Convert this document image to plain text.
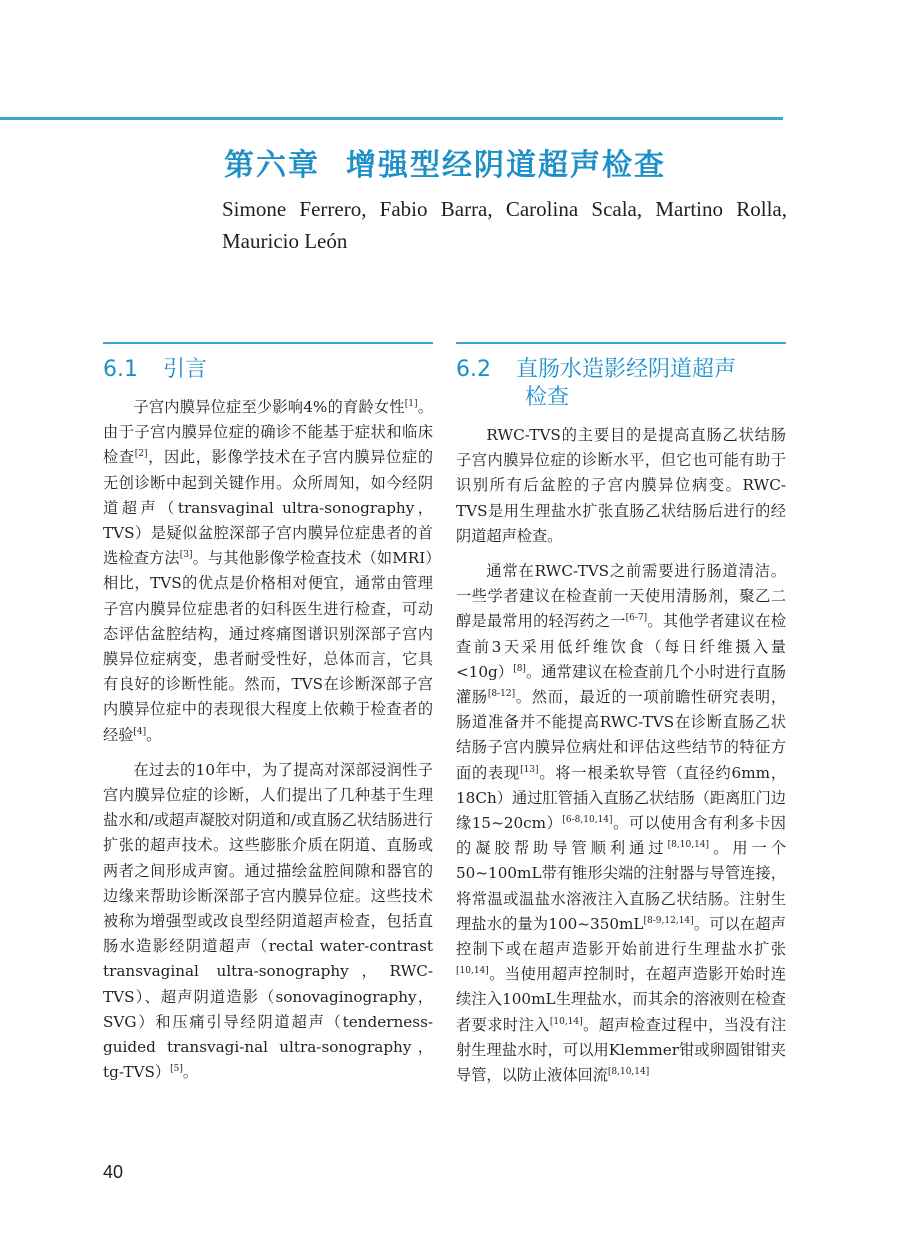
第六章 增强型经阴道超声检查
Simone Ferrero, Fabio Barra, Carolina Scala, Martino Rolla,
Mauricio León
6.1 引言

子宫内膜异位症至少影响4%的育龄女性[1]。由于子宫内膜异位症的确诊不能基于症状和临床检查[2]，因此，影像学技术在子宫内膜异位症的无创诊断中起到关键作用。众所周知，如今经阴道超声（transvaginal ultra-sonography，TVS）是疑似盆腔深部子宫内膜异位症患者的首选检查方法[3]。与其他影像学检查技术（如MRI）相比，TVS的优点是价格相对便宜，通常由管理子宫内膜异位症患者的妇科医生进行检查，可动态评估盆腔结构，通过疼痛图谱识别深部子宫内膜异位症病变，患者耐受性好，总体而言，它具有良好的诊断性能。然而，TVS在诊断深部子宫内膜异位症中的表现很大程度上依赖于检查者的经验[4]。

在过去的10年中，为了提高对深部浸润性子宫内膜异位症的诊断，人们提出了几种基于生理盐水和/或超声凝胶对阴道和/或直肠乙状结肠进行扩张的超声技术。这些膨胀介质在阴道、直肠或两者之间形成声窗。通过描绘盆腔间隙和器官的边缘来帮助诊断深部子宫内膜异位症。这些技术被称为增强型或改良型经阴道超声检查，包括直肠水造影经阴道超声（rectal water-contrast transvaginal ultra-sonography，RWC-TVS）、超声阴道造影（sonovaginography，SVG）和压痛引导经阴道超声（tenderness-guided transvagi-nal ultra-sonography，tg-TVS）[5]。

6.2 直肠水造影经阴道超声
检查

RWC-TVS的主要目的是提高直肠乙状结肠子宫内膜异位症的诊断水平，但它也可能有助于识别所有后盆腔的子宫内膜异位病变。RWC-TVS是用生理盐水扩张直肠乙状结肠后进行的经阴道超声检查。

通常在RWC-TVS之前需要进行肠道清洁。一些学者建议在检查前一天使用清肠剂，聚乙二醇是最常用的轻泻药之一[6-7]。其他学者建议在检查前3天采用低纤维饮食（每日纤维摄入量<10g）[8]。通常建议在检查前几个小时进行直肠灌肠[8-12]。然而，最近的一项前瞻性研究表明，肠道准备并不能提高RWC-TVS在诊断直肠乙状结肠子宫内膜异位病灶和评估这些结节的特征方面的表现[13]。将一根柔软导管（直径约6mm，18Ch）通过肛管插入直肠乙状结肠（距离肛门边缘15~20cm）[6-8,10,14]。可以使用含有利多卡因的凝胶帮助导管顺利通过[8,10,14]。用一个50~100mL带有锥形尖端的注射器与导管连接，将常温或温盐水溶液注入直肠乙状结肠。注射生理盐水的量为100~350mL[8-9,12,14]。可以在超声控制下或在超声造影开始前进行生理盐水扩张[10,14]。当使用超声控制时，在超声造影开始时连续注入100mL生理盐水，而其余的溶液则在检查者要求时注入[10,14]。超声检查过程中，当没有注射生理盐水时，可以用Klemmer钳或卵圆钳钳夹导管，以防止液体回流[8,10,14]

40
